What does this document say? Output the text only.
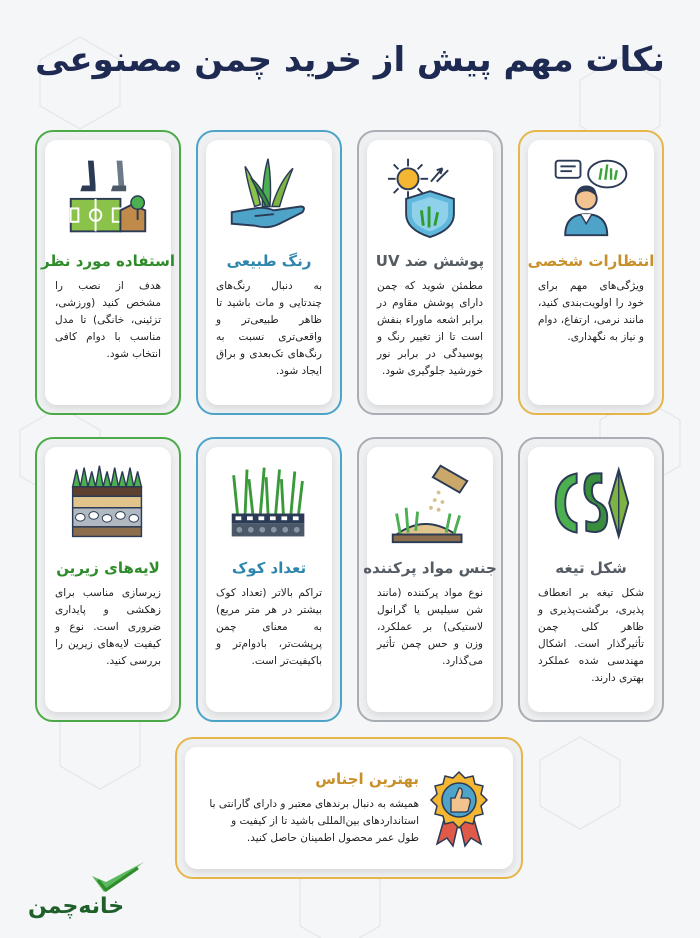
نکات مهم پیش از خرید چمن مصنوعی
انتظارات شخصی

ویژگی‌های مهم برای خود را اولویت‌بندی کنید، مانند نرمی، ارتفاع، دوام و نیاز به نگهداری.

پوشش ضد UV

مطمئن شوید که چمن دارای پوشش مقاوم در برابر اشعه ماوراء بنفش است تا از تغییر رنگ و پوسیدگی در برابر نور خورشید جلوگیری شود.

رنگ طبیعی

به دنبال رنگ‌های چندتایی و مات باشید تا ظاهر طبیعی‌تر و واقعی‌تری نسبت به رنگ‌های تک‌بعدی و براق ایجاد شود.

استفاده مورد نظر

هدف از نصب را مشخص کنید (ورزشی، تزئینی، خانگی) تا مدل مناسب با دوام کافی انتخاب شود.

شکل تیغه

شکل تیغه بر انعطاف پذیری، برگشت‌پذیری و ظاهر کلی چمن تأثیرگذار است. اشکال مهندسی شده عملکرد بهتری دارند.

جنس مواد پرکننده

نوع مواد پرکننده (مانند شن سیلیس یا گرانول لاستیکی) بر عملکرد، وزن و حس چمن تأثیر می‌گذارد.

تعداد کوک

تراکم بالاتر (تعداد کوک بیشتر در هر متر مربع) به معنای چمن پرپشت‌تر، بادوام‌تر و باکیفیت‌تر است.

لایه‌های زیرین

زیرسازی مناسب برای زهکشی و پایداری ضروری است. نوع و کیفیت لایه‌های زیرین را بررسی کنید.

بهترین اجناس

همیشه به دنبال برندهای معتبر و دارای گارانتی با استانداردهای بین‌المللی باشید تا از کیفیت و طول عمر محصول اطمینان حاصل کنید.

خانه‌چمن
